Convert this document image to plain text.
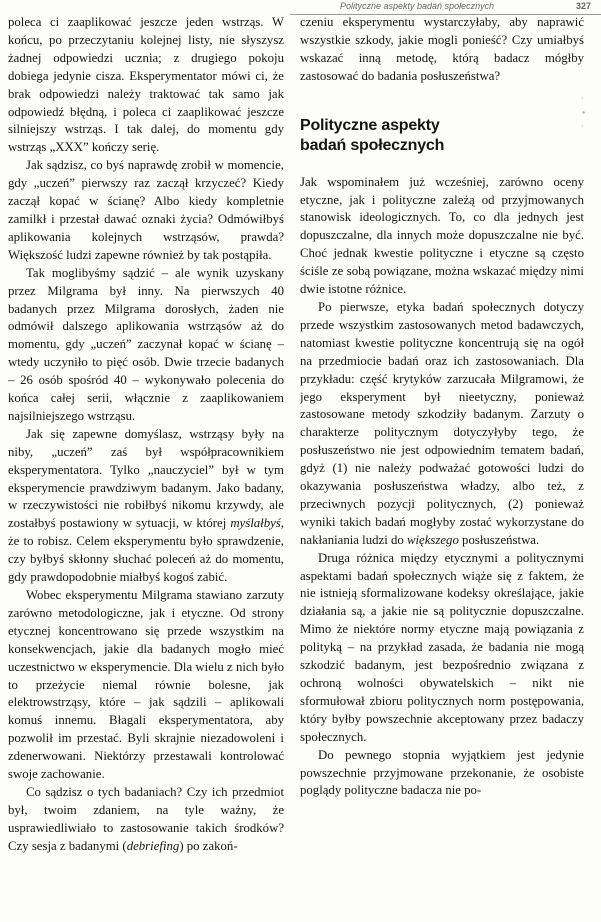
Polityczne aspekty badań społecznych	327

poleca ci zaaplikować jeszcze jeden wstrząs. W końcu, po przeczytaniu kolejnej listy, nie słyszysz żadnej odpowiedzi ucznia; z drugiego pokoju dobiega jedynie cisza. Eksperymentator mówi ci, że brak odpowiedzi należy traktować tak samo jak odpowiedź błędną, i poleca ci zaaplikować jeszcze silniejszy wstrząs. I tak dalej, do momentu gdy wstrząs „XXX” kończy serię.

Jak sądzisz, co byś naprawdę zrobił w momencie, gdy „uczeń” pierwszy raz zaczął krzyczeć? Kiedy zaczął kopać w ścianę? Albo kiedy kompletnie zamilkł i przestał dawać oznaki życia? Odmówiłbyś aplikowania kolejnych wstrząsów, prawda? Większość ludzi zapewne również by tak postąpiła.

Tak moglibyśmy sądzić – ale wynik uzyskany przez Milgrama był inny. Na pierwszych 40 badanych przez Milgrama dorosłych, żaden nie odmówił dalszego aplikowania wstrząsów aż do momentu, gdy „uczeń” zaczynał kopać w ścianę – wtedy uczyniło to pięć osób. Dwie trzecie badanych – 26 osób spośród 40 – wykonywało polecenia do końca całej serii, włącznie z zaaplikowaniem najsilniejszego wstrząsu.

Jak się zapewne domyślasz, wstrząsy były na niby, „uczeń” zaś był współpracownikiem eksperymentatora. Tylko „nauczyciel” był w tym eksperymencie prawdziwym badanym. Jako badany, w rzeczywistości nie robiłbyś nikomu krzywdy, ale zostałbyś postawiony w sytuacji, w której myślałbyś, że to robisz. Celem eksperymentu było sprawdzenie, czy byłbyś skłonny słuchać poleceń aż do momentu, gdy prawdopodobnie miałbyś kogoś zabić.

Wobec eksperymentu Milgrama stawiano zarzuty zarówno metodologiczne, jak i etyczne. Od strony etycznej koncentrowano się przede wszystkim na konsekwencjach, jakie dla badanych mogło mieć uczestnictwo w eksperymencie. Dla wielu z nich było to przeżycie niemal równie bolesne, jak elektrowstrząsy, które – jak sądzili – aplikowali komuś innemu. Błagali eksperymentatora, aby pozwolił im przestać. Byli skrajnie niezadowoleni i zdenerwowani. Niektórzy przestawali kontrolować swoje zachowanie.

Co sądzisz o tych badaniach? Czy ich przedmiot był, twoim zdaniem, na tyle ważny, że usprawiedliwiało to zastosowanie takich środków? Czy sesja z badanymi (debriefing) po zakoń-

czeniu eksperymentu wystarczyłaby, aby naprawić wszystkie szkody, jakie mogli ponieść? Czy umiałbyś wskazać inną metodę, którą badacz mógłby zastosować do badania posłuszeństwa?

Polityczne aspekty
badań społecznych

Jak wspominałem już wcześniej, zarówno oceny etyczne, jak i polityczne zależą od przyjmowanych stanowisk ideologicznych. To, co dla jednych jest dopuszczalne, dla innych może dopuszczalne nie być. Choć jednak kwestie polityczne i etyczne są często ściśle ze sobą powiązane, można wskazać między nimi dwie istotne różnice.

Po pierwsze, etyka badań społecznych dotyczy przede wszystkim zastosowanych metod badawczych, natomiast kwestie polityczne koncentrują się na ogół na przedmiocie badań oraz ich zastosowaniach. Dla przykładu: część krytyków zarzucała Milgramowi, że jego eksperyment był nieetyczny, ponieważ zastosowane metody szkodziły badanym. Zarzuty o charakterze politycznym dotyczyłyby tego, że posłuszeństwo nie jest odpowiednim tematem badań, gdyż (1) nie należy podważać gotowości ludzi do okazywania posłuszeństwa władzy, albo też, z przeciwnych pozycji politycznych, (2) ponieważ wyniki takich badań mogłyby zostać wykorzystane do nakłaniania ludzi do większego posłuszeństwa.

Druga różnica między etycznymi a politycznymi aspektami badań społecznych wiąże się z faktem, że nie istnieją sformalizowane kodeksy określające, jakie działania są, a jakie nie są politycznie dopuszczalne. Mimo że niektóre normy etyczne mają powiązania z polityką – na przykład zasada, że badania nie mogą szkodzić badanym, jest bezpośrednio związana z ochroną wolności obywatelskich – nikt nie sformułował zbioru politycznych norm postępowania, który byłby powszechnie akceptowany przez badaczy społecznych.

Do pewnego stopnia wyjątkiem jest jedynie powszechnie przyjmowane przekonanie, że osobiste poglądy polityczne badacza nie po-

·
∙
·
